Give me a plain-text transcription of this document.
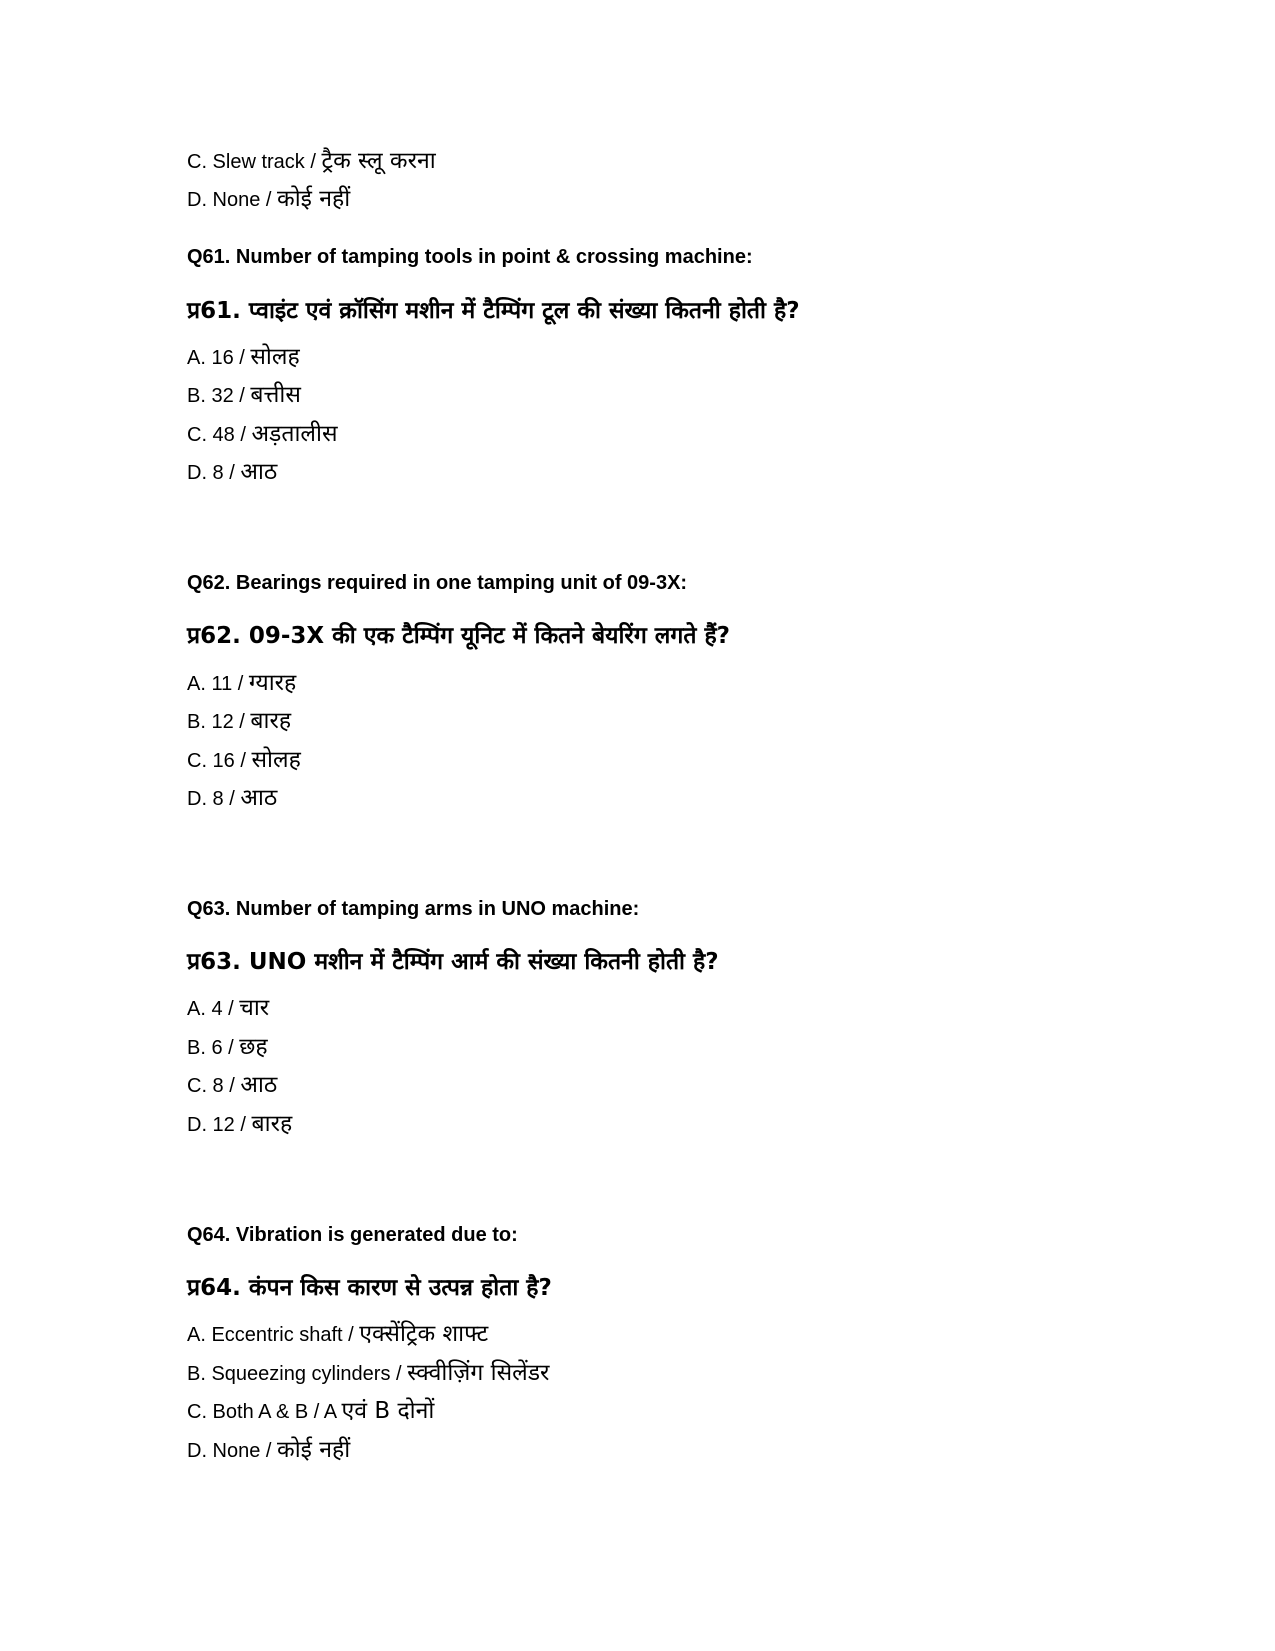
C. Slew track / ट्रैक स्लू करना
D. None / कोई नहीं
Q61. Number of tamping tools in point & crossing machine:
प्र61. प्वाइंट एवं क्रॉसिंग मशीन में टैम्पिंग टूल की संख्या कितनी होती है?
A. 16 / सोलह
B. 32 / बत्तीस
C. 48 / अड़तालीस
D. 8 / आठ
Q62. Bearings required in one tamping unit of 09-3X:
प्र62. 09-3X की एक टैम्पिंग यूनिट में कितने बेयरिंग लगते हैं?
A. 11 / ग्यारह
B. 12 / बारह
C. 16 / सोलह
D. 8 / आठ
Q63. Number of tamping arms in UNO machine:
प्र63. UNO मशीन में टैम्पिंग आर्म की संख्या कितनी होती है?
A. 4 / चार
B. 6 / छह
C. 8 / आठ
D. 12 / बारह
Q64. Vibration is generated due to:
प्र64. कंपन किस कारण से उत्पन्न होता है?
A. Eccentric shaft / एक्सेंट्रिक शाफ्ट
B. Squeezing cylinders / स्क्वीज़िंग सिलेंडर
C. Both A & B / A एवं B दोनों
D. None / कोई नहीं
